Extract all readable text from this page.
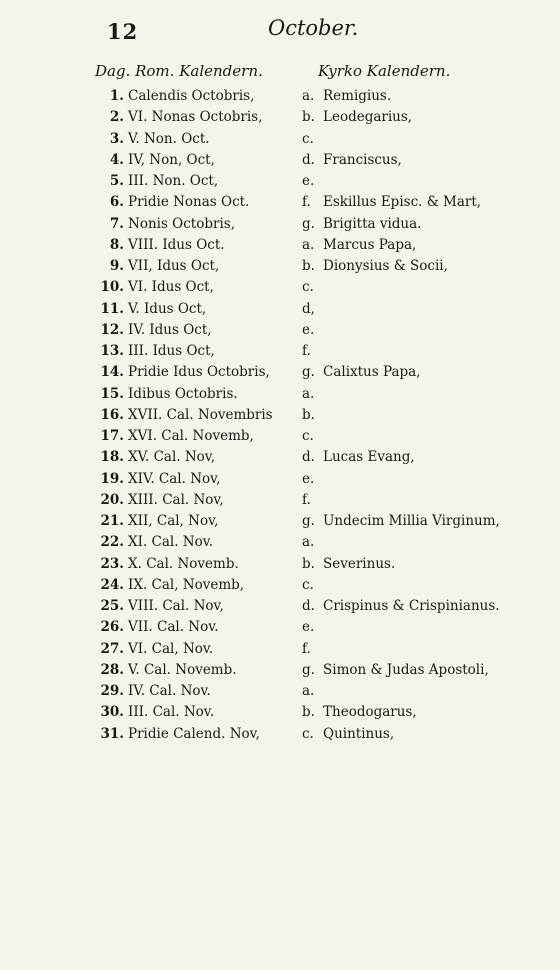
12	October.
Dag. Rom. Kalendern.	Kyrko Kalendern.
1. Calendis Octobris,	a. Remigius.
2. VI. Nonas Octobris,	b. Leodegarius,
3. V. Non. Oct.	c.
4. IV, Non, Oct,	d. Franciscus,
5. III. Non. Oct,	e.
6. Pridie Nonas Oct.	f. Eskillus Episc. & Mart,
7. Nonis Octobris,	g. Brigitta vidua.
8. VIII. Idus Oct.	a. Marcus Papa,
9. VII, Idus Oct,	b. Dionysius & Socii,
10. VI. Idus Oct,	c.
11. V. Idus Oct,	d,
12. IV. Idus Oct,	e.
13. III. Idus Oct,	f.
14. Pridie Idus Octobris, g. Calixtus Papa,
15. Idibus Octobris.	a.
16. XVII. Cal. Novembris b.
17. XVI. Cal. Novemb,	c.
18. XV. Cal. Nov,	d. Lucas Evang,
19. XIV. Cal. Nov,	e.
20. XIII. Cal. Nov,	f.
21. XII, Cal, Nov,	g. Undecim Millia Virginum,
22. XI. Cal. Nov.	a.
23. X. Cal. Novemb.	b. Severinus.
24. IX. Cal, Novemb,	c.
25. VIII. Cal. Nov,	d. Crispinus & Crispinianus.
26. VII. Cal. Nov.	e.
27. VI. Cal, Nov.	f.
28. V. Cal. Novemb.	g. Simon & Judas Apostoli,
29. IV. Cal. Nov.	a.
30. III. Cal. Nov.	b. Theodogarus,
31. Pridie Calend. Nov,	c. Quintinus,
